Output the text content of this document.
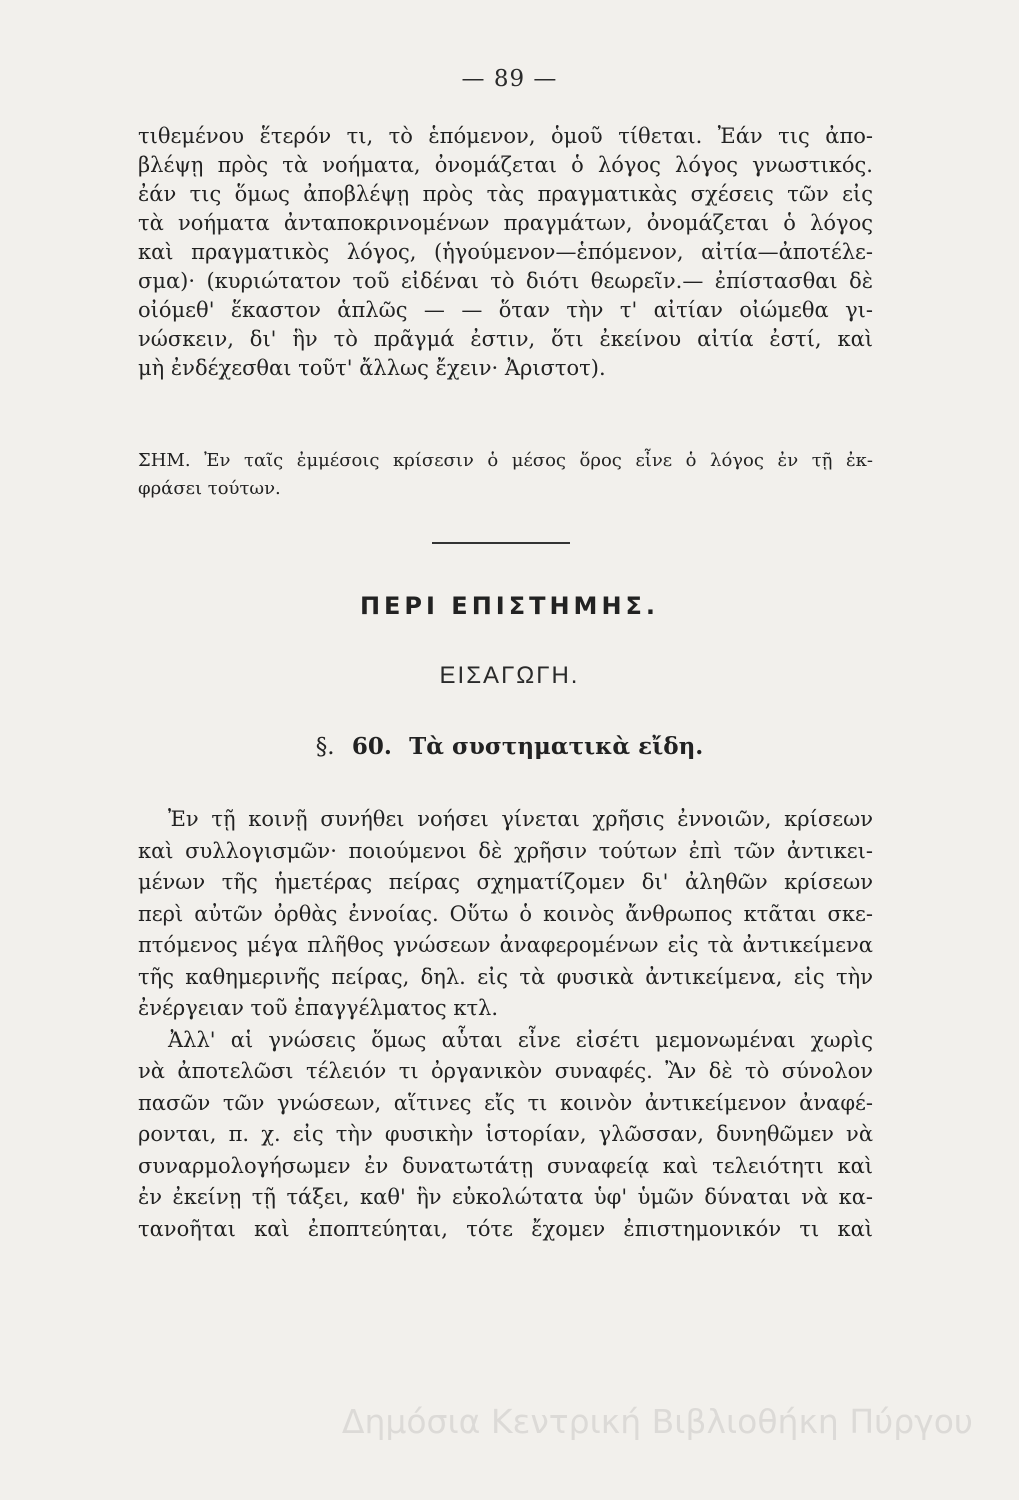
— 89 —
τιθεμένου ἕτερόν τι, τὸ ἑπόμενον, ὁμοῦ τίθεται. Ἐάν τις ἀπο-
βλέψῃ πρὸς τὰ νοήματα, ὀνομάζεται ὁ λόγος λόγος γνωστικός.
ἐάν τις ὅμως ἀποβλέψῃ πρὸς τὰς πραγματικὰς σχέσεις τῶν εἰς
τὰ νοήματα ἀνταποκρινομένων πραγμάτων, ὀνομάζεται ὁ λόγος
καὶ πραγματικὸς λόγος, (ἡγούμενον—ἑπόμενον, αἰτία—ἀποτέλε-
σμα)· (κυριώτατον τοῦ εἰδέναι τὸ διότι θεωρεῖν.— ἐπίστασθαι δὲ
οἰόμεθ' ἕκαστον ἁπλῶς — — ὅταν τὴν τ' αἰτίαν οἰώμεθα γι-
νώσκειν, δι' ἣν τὸ πρᾶγμά ἐστιν, ὅτι ἐκείνου αἰτία ἐστί, καὶ
μὴ ἐνδέχεσθαι τοῦτ' ἄλλως ἔχειν· Ἀριστοτ).
ΣΗΜ. Ἐν ταῖς ἐμμέσοις κρίσεσιν ὁ μέσος ὅρος εἶνε ὁ λόγος ἐν τῇ ἐκ-
φράσει τούτων.
ΠΕΡΙ ΕΠΙΣΤΗΜΗΣ.
ΕΙΣΑΓΩΓΗ.
§. 60. Τὰ συστηματικὰ εἴδη.
Ἐν τῇ κοινῇ συνήθει νοήσει γίνεται χρῆσις ἐννοιῶν, κρίσεων
καὶ συλλογισμῶν· ποιούμενοι δὲ χρῆσιν τούτων ἐπὶ τῶν ἀντικει-
μένων τῆς ἡμετέρας πείρας σχηματίζομεν δι' ἀληθῶν κρίσεων
περὶ αὐτῶν ὀρθὰς ἐννοίας. Οὕτω ὁ κοινὸς ἄνθρωπος κτᾶται σκε-
πτόμενος μέγα πλῆθος γνώσεων ἀναφερομένων εἰς τὰ ἀντικείμενα
τῆς καθημερινῆς πείρας, δηλ. εἰς τὰ φυσικὰ ἀντικείμενα, εἰς τὴν
ἐνέργειαν τοῦ ἐπαγγέλματος κτλ.
Ἀλλ' αἱ γνώσεις ὅμως αὗται εἶνε εἰσέτι μεμονωμέναι χωρὶς
νὰ ἀποτελῶσι τέλειόν τι ὀργανικὸν συναφές. Ἂν δὲ τὸ σύνολον
πασῶν τῶν γνώσεων, αἵτινες εἴς τι κοινὸν ἀντικείμενον ἀναφέ-
ρονται, π. χ. εἰς τὴν φυσικὴν ἱστορίαν, γλῶσσαν, δυνηθῶμεν νὰ
συναρμολογήσωμεν ἐν δυνατωτάτῃ συναφείᾳ καὶ τελειότητι καὶ
ἐν ἐκείνῃ τῇ τάξει, καθ' ἣν εὐκολώτατα ὑφ' ὑμῶν δύναται νὰ κα-
τανοῆται καὶ ἐποπτεύηται, τότε ἔχομεν ἐπιστημονικόν τι καὶ
Δημόσια Κεντρική Βιβλιοθήκη Πύργου
